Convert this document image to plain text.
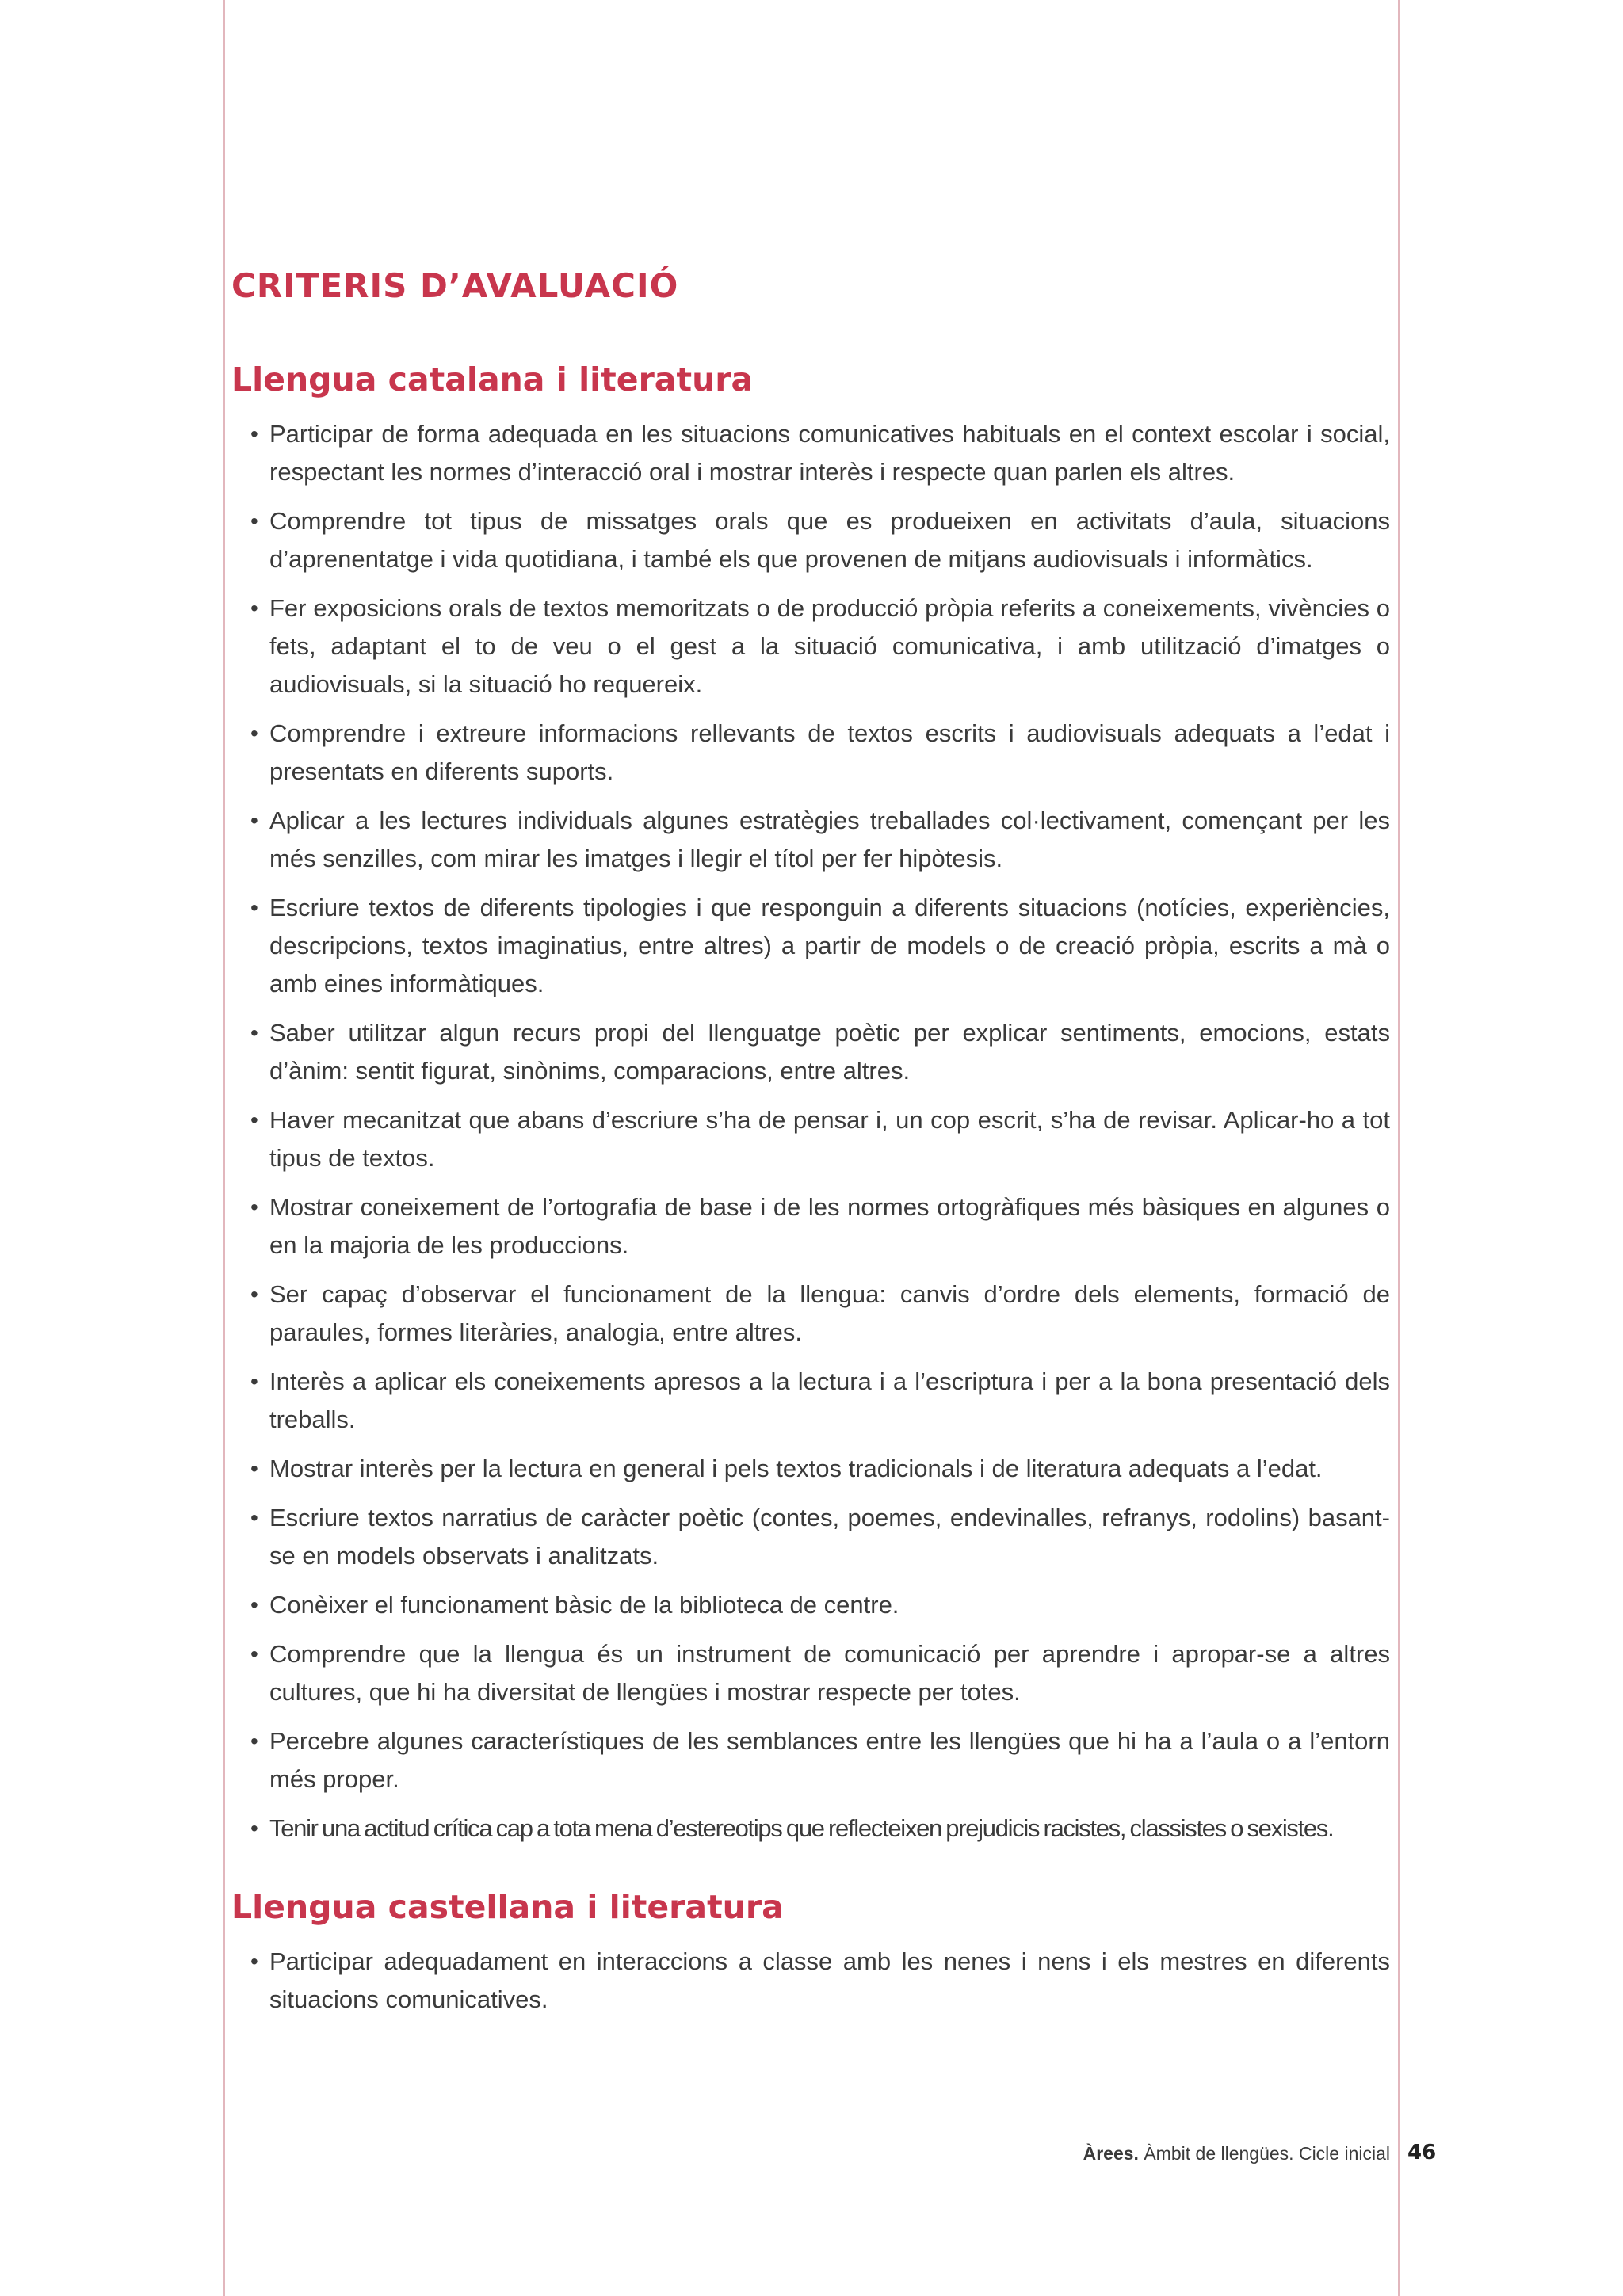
CRITERIS D’AVALUACIÓ
Llengua catalana i literatura
• Participar de forma adequada en les situacions comunicatives habituals en el context escolar i social, respectant les normes d’interacció oral i mostrar interès i respecte quan parlen els altres.
• Comprendre tot tipus de missatges orals que es produeixen en activitats d’aula, situacions d’aprenentatge i vida quotidiana, i també els que provenen de mitjans audiovisuals i informàtics.
• Fer exposicions orals de textos memoritzats o de producció pròpia referits a coneixements, vivències o fets, adaptant el to de veu o el gest a la situació comunicativa, i amb utilització d’imatges o audiovisuals, si la situació ho requereix.
• Comprendre i extreure informacions rellevants de textos escrits i audiovisuals adequats a l’edat i presentats en diferents suports.
• Aplicar a les lectures individuals algunes estratègies treballades col·lectivament, començant per les més senzilles, com mirar les imatges i llegir el títol per fer hipòtesis.
• Escriure textos de diferents tipologies i que responguin a diferents situacions (notícies, experiències, descripcions, textos imaginatius, entre altres) a partir de models o de creació pròpia, escrits a mà o amb eines informàtiques.
• Saber utilitzar algun recurs propi del llenguatge poètic per explicar sentiments, emocions, estats d’ànim: sentit figurat, sinònims, comparacions, entre altres.
• Haver mecanitzat que abans d’escriure s’ha de pensar i, un cop escrit, s’ha de revisar. Aplicar-ho a tot tipus de textos.
• Mostrar coneixement de l’ortografia de base i de les normes ortogràfiques més bàsiques en algunes o en la majoria de les produccions.
• Ser capaç d’observar el funcionament de la llengua: canvis d’ordre dels elements, formació de paraules, formes literàries, analogia, entre altres.
• Interès a aplicar els coneixements apresos a la lectura i a l’escriptura i per a la bona presentació dels treballs.
• Mostrar interès per la lectura en general i pels textos tradicionals i de literatura adequats a l’edat.
• Escriure textos narratius de caràcter poètic (contes, poemes, endevinalles, refranys, rodolins) basant-se en models observats i analitzats.
• Conèixer el funcionament bàsic de la biblioteca de centre.
• Comprendre que la llengua és un instrument de comunicació per aprendre i apropar-se a altres cultures, que hi ha diversitat de llengües i mostrar respecte per totes.
• Percebre algunes característiques de les semblances entre les llengües que hi ha a l’aula o a l’entorn més proper.
• Tenir una actitud crítica cap a tota mena d’estereotips que reflecteixen prejudicis racistes, classistes o sexistes.
Llengua castellana i literatura
• Participar adequadament en interaccions a classe amb les nenes i nens i els mestres en diferents situacions comunicatives.
Àrees. Àmbit de llengües. Cicle inicial 46
